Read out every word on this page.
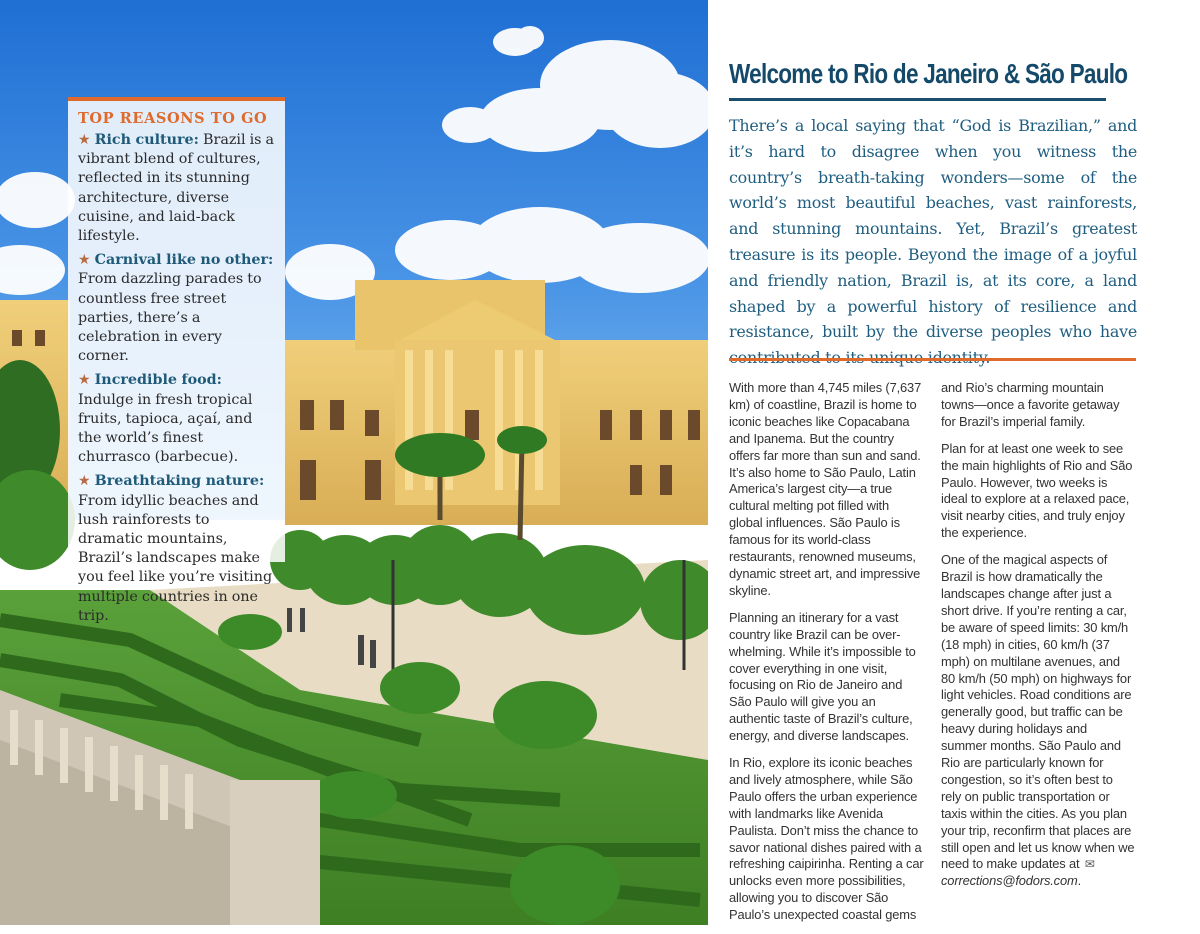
TOP REASONS TO GO
★ Rich culture: Brazil is a vibrant blend of cultures, reflected in its stunning architecture, diverse cuisine, and laid-back lifestyle.
★ Carnival like no other: From dazzling parades to countless free street parties, there’s a celebration in every corner.
★ Incredible food: Indulge in fresh tropical fruits, tapioca, açaí, and the world’s finest churrasco (barbecue).
★ Breathtaking nature: From idyllic beaches and lush rainforests to dramatic mountains, Brazil’s landscapes make you feel like you’re visiting multiple countries in one trip.
Welcome to Rio de Janeiro & São Paulo

There’s a local saying that “God is Brazilian,” and it’s hard to disagree when you witness the country’s breath-taking wonders—some of the world’s most beautiful beaches, vast rainforests, and stunning mountains. Yet, Brazil’s greatest treasure is its people. Beyond the image of a joyful and friendly nation, Brazil is, at its core, a land shaped by a powerful history of resilience and resistance, built by the diverse peoples who have

With more than 4,745 miles (7,637 km) of coastline, Brazil is home to iconic beaches like Copacabana and Ipanema. But the country offers far more than sun and sand. It’s also home to São Paulo, Latin America’s largest city—a true cultural melting pot filled with global influences. São Paulo is famous for its world-class restaurants, renowned museums, dynamic street art, and impressive skyline.

Planning an itinerary for a vast country like Brazil can be over-whelming. While it’s impossible to cover everything in one visit, focusing on Rio de Janeiro and São Paulo will give you an authentic taste of Brazil’s culture, energy, and diverse landscapes.

In Rio, explore its iconic beaches and lively atmosphere, while São Paulo offers the urban experience with landmarks like Avenida Paulista. Don’t miss the chance to savor national dishes paired with a refreshing caipirinha. Renting a car unlocks even more possibilities, allowing you to discover São Paulo’s unexpected coastal gems

and Rio’s charming mountain towns—once a favorite getaway for Brazil’s imperial family.

Plan for at least one week to see the main highlights of Rio and São Paulo. However, two weeks is ideal to explore at a relaxed pace, visit nearby cities, and truly enjoy the experience.

One of the magical aspects of Brazil is how dramatically the landscapes change after just a short drive. If you’re renting a car, be aware of speed limits: 30 km/h (18 mph) in cities, 60 km/h (37 mph) on multilane avenues, and 80 km/h (50 mph) on highways for light vehicles. Road conditions are generally good, but traffic can be heavy during holidays and summer months. São Paulo and Rio are particularly known for congestion, so it’s often best to rely on public transportation or taxis within the cities. As you plan your trip, reconfirm that places are still open and let us know when we need to make updates at ✉corrections@fodors.com.
